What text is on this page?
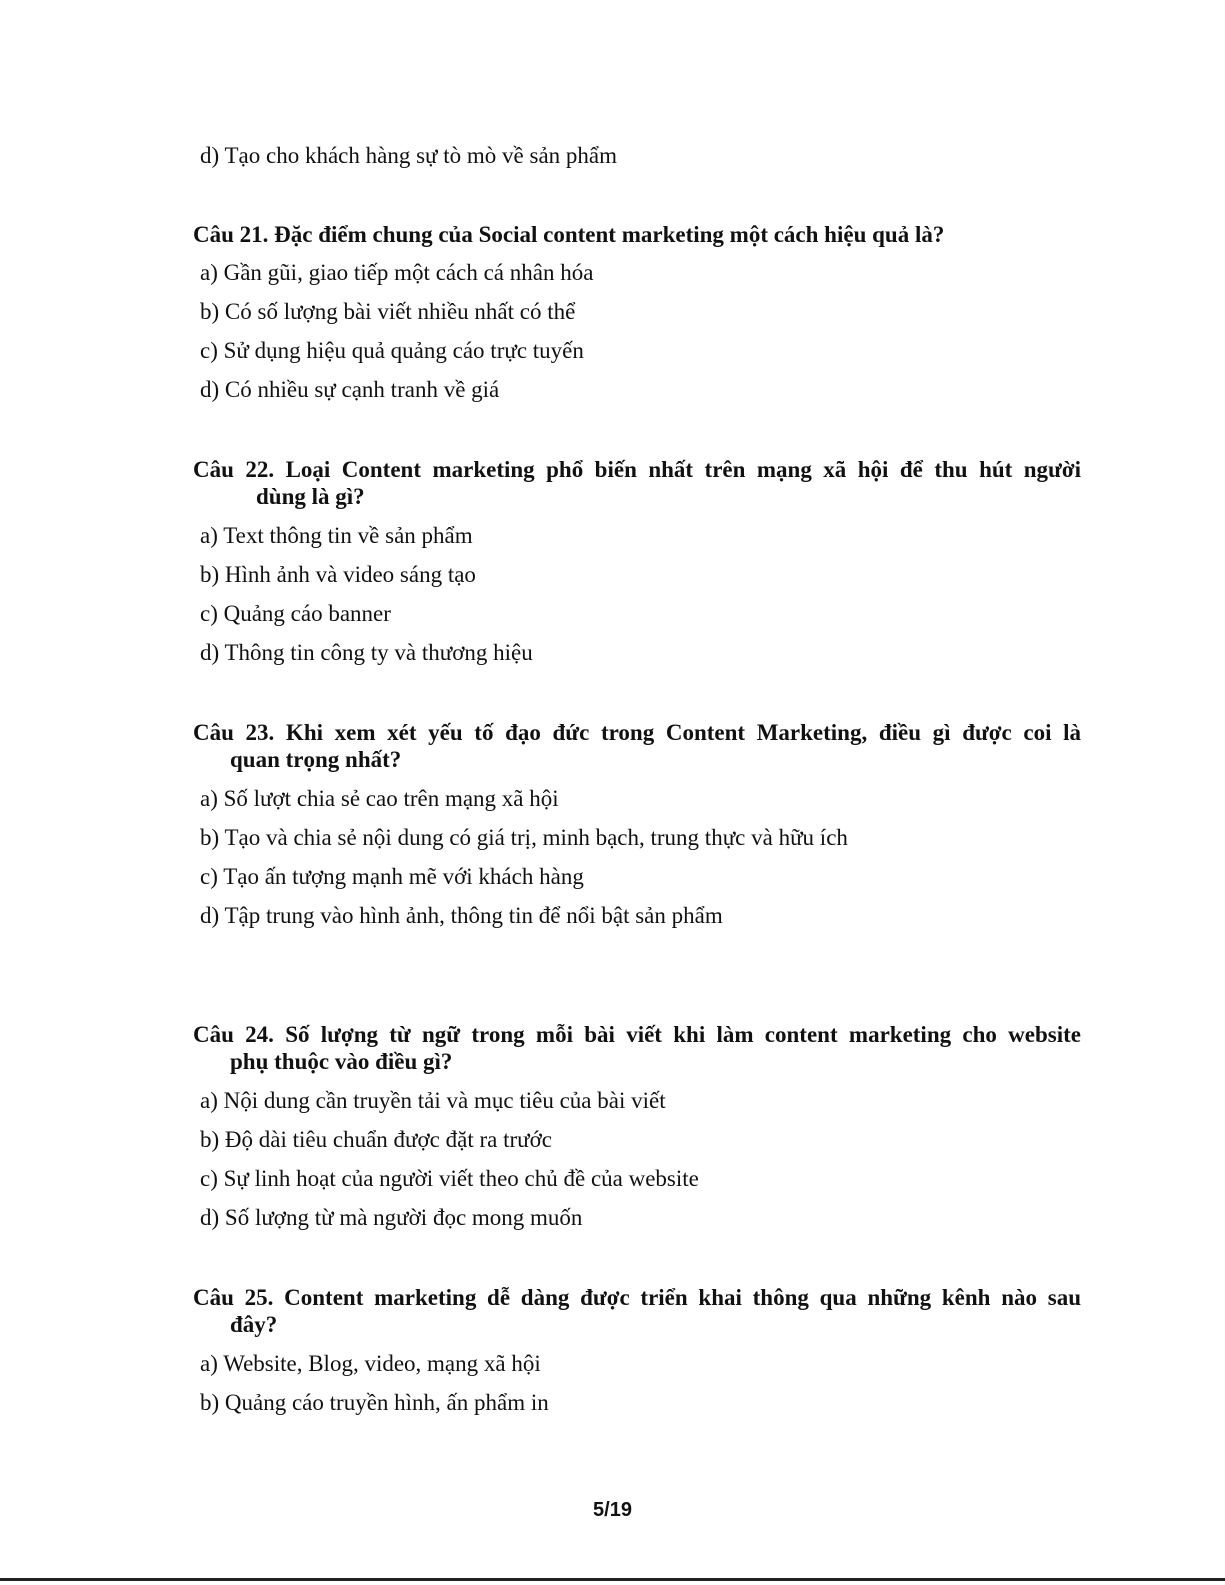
d) Tạo cho khách hàng sự tò mò về sản phẩm
Câu 21. Đặc điểm chung của Social content marketing một cách hiệu quả là?
a) Gần gũi, giao tiếp một cách cá nhân hóa
b) Có số lượng bài viết nhiều nhất có thể
c) Sử dụng hiệu quả quảng cáo trực tuyến
d) Có nhiều sự cạnh tranh về giá
Câu 22. Loại Content marketing phổ biến nhất trên mạng xã hội để thu hút người
dùng là gì?
a) Text thông tin về sản phẩm
b) Hình ảnh và video sáng tạo
c) Quảng cáo banner
d) Thông tin công ty và thương hiệu
Câu 23. Khi xem xét yếu tố đạo đức trong Content Marketing, điều gì được coi là
quan trọng nhất?
a) Số lượt chia sẻ cao trên mạng xã hội
b) Tạo và chia sẻ nội dung có giá trị, minh bạch, trung thực và hữu ích
c) Tạo ấn tượng mạnh mẽ với khách hàng
d) Tập trung vào hình ảnh, thông tin để nổi bật sản phẩm
Câu 24. Số lượng từ ngữ trong mỗi bài viết khi làm content marketing cho website
phụ thuộc vào điều gì?
a) Nội dung cần truyền tải và mục tiêu của bài viết
b) Độ dài tiêu chuẩn được đặt ra trước
c) Sự linh hoạt của người viết theo chủ đề của website
d) Số lượng từ mà người đọc mong muốn
Câu 25. Content marketing dễ dàng được triển khai thông qua những kênh nào sau
đây?
a) Website, Blog, video, mạng xã hội
b) Quảng cáo truyền hình, ấn phẩm in
5/19
